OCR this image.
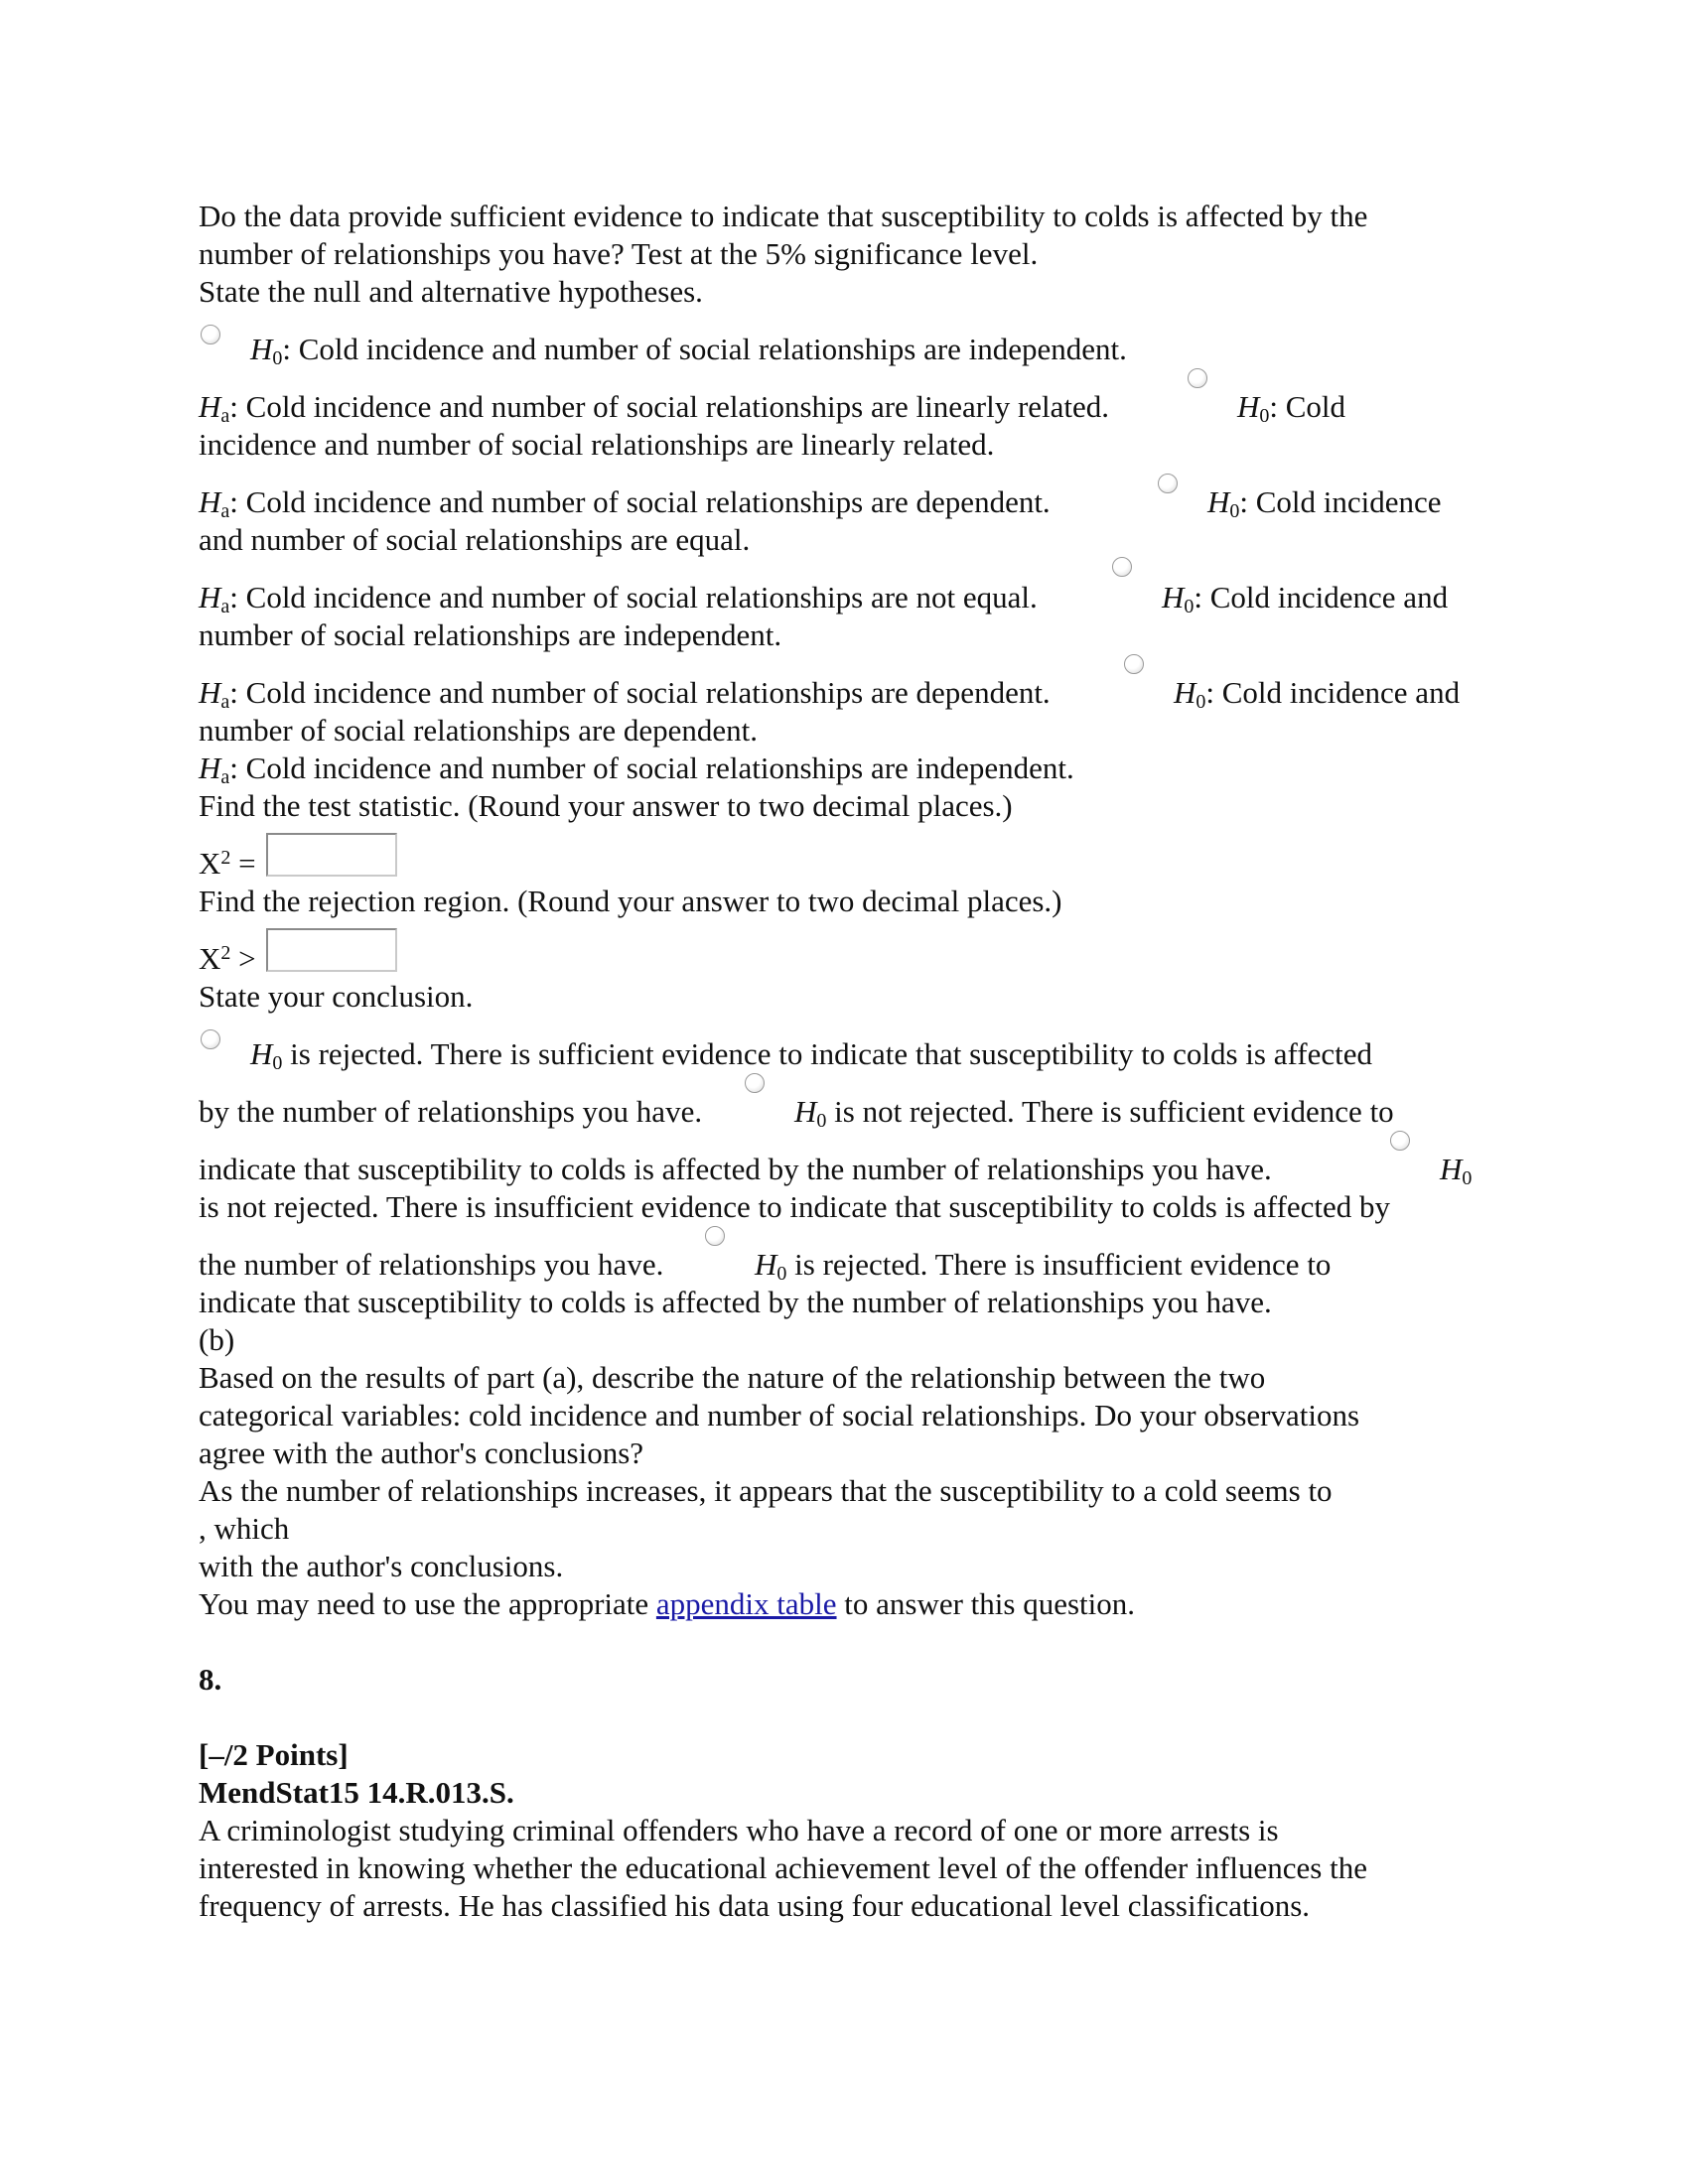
Do the data provide sufficient evidence to indicate that susceptibility to colds is affected by the
number of relationships you have? Test at the 5% significance level.
State the null and alternative hypotheses.
$H_0$: Cold incidence and number of social relationships are independent.
$H_a$: Cold incidence and number of social relationships are linearly related.	$H_0$: Cold
incidence and number of social relationships are linearly related.
$H_a$: Cold incidence and number of social relationships are dependent.	$H_0$: Cold incidence
and number of social relationships are equal.
$H_a$: Cold incidence and number of social relationships are not equal.	$H_0$: Cold incidence and
number of social relationships are independent.
$H_a$: Cold incidence and number of social relationships are dependent.	$H_0$: Cold incidence and
number of social relationships are dependent.
$H_a$: Cold incidence and number of social relationships are independent.
Find the test statistic. (Round your answer to two decimal places.)
$X^2$ =
Find the rejection region. (Round your answer to two decimal places.)
$X^2$ >
State your conclusion.
$H_0$ is rejected. There is sufficient evidence to indicate that susceptibility to colds is affected
by the number of relationships you have.	$H_0$ is not rejected. There is sufficient evidence to
indicate that susceptibility to colds is affected by the number of relationships you have.	$H_0$
is not rejected. There is insufficient evidence to indicate that susceptibility to colds is affected by
the number of relationships you have.	$H_0$ is rejected. There is insufficient evidence to
indicate that susceptibility to colds is affected by the number of relationships you have.
(b)
Based on the results of part (a), describe the nature of the relationship between the two
categorical variables: cold incidence and number of social relationships. Do your observations
agree with the author's conclusions?
As the number of relationships increases, it appears that the susceptibility to a cold seems to
, which
with the author's conclusions.
You may need to use the appropriate appendix table to answer this question.
8.
[–/2 Points]
MendStat15 14.R.013.S.
A criminologist studying criminal offenders who have a record of one or more arrests is
interested in knowing whether the educational achievement level of the offender influences the
frequency of arrests. He has classified his data using four educational level classifications.
